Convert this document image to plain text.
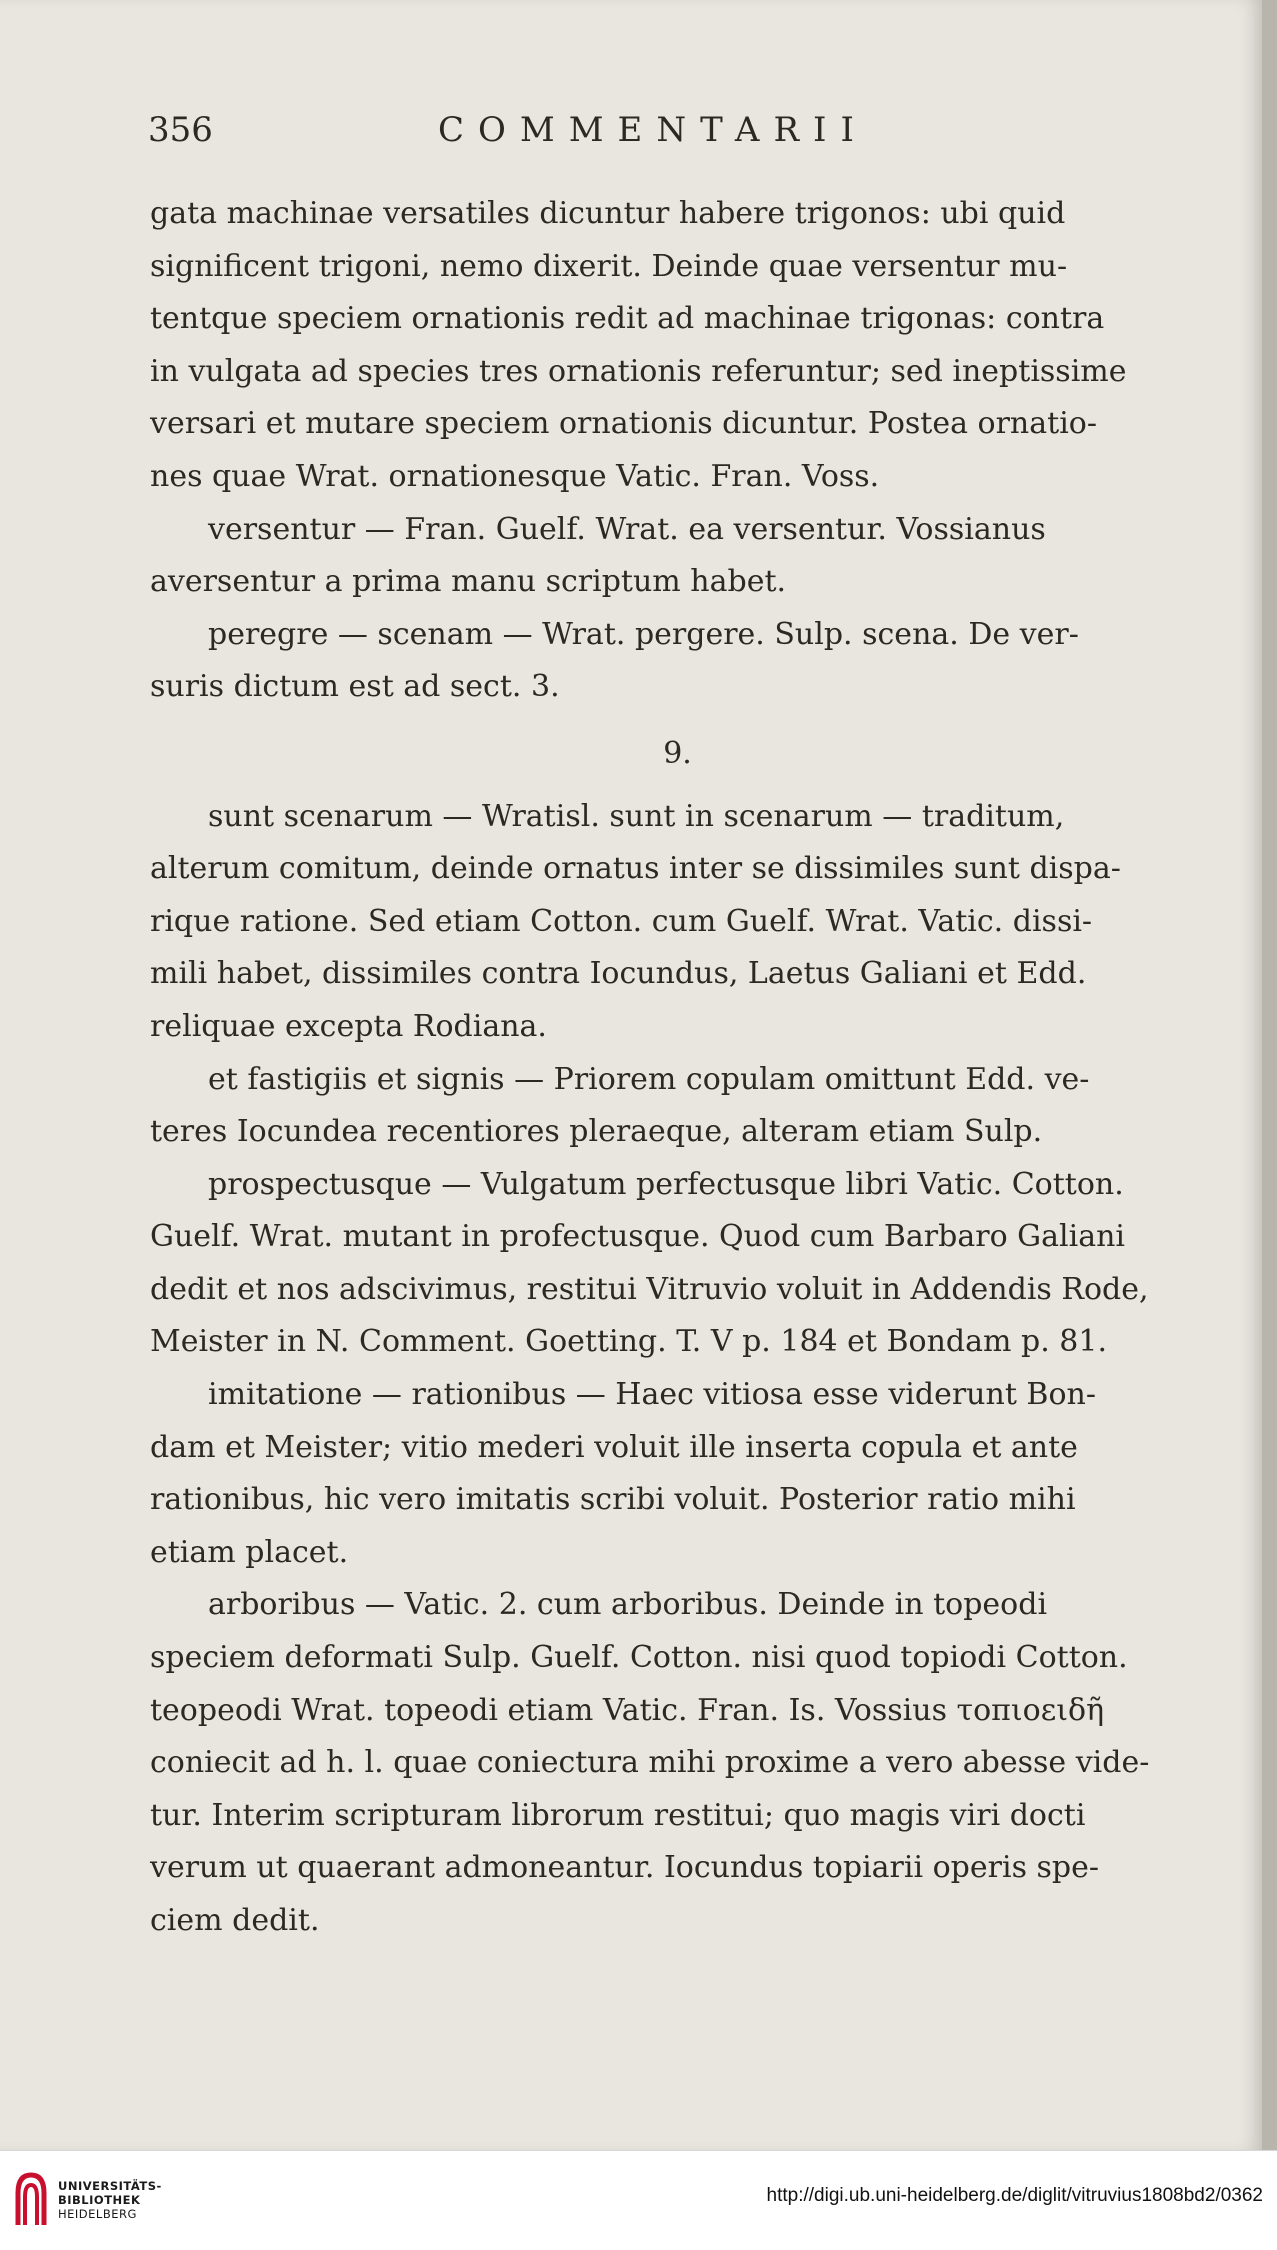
356	COMMENTARII
gata machinae versatiles dicuntur habere trigonos: ubi quid
significent trigoni, nemo dixerit. Deinde quae versentur mu-
tentque speciem ornationis redit ad machinae trigonas: contra
in vulgata ad species tres ornationis referuntur; sed ineptissime
versari et mutare speciem ornationis dicuntur. Postea ornatio-
nes quae Wrat. ornationesque Vatic. Fran. Voss.
versentur — Fran. Guelf. Wrat. ea versentur. Vossianus
aversentur a prima manu scriptum habet.
peregre — scenam — Wrat. pergere. Sulp. scena. De ver-
suris dictum est ad sect. 3.
9.
sunt scenarum — Wratisl. sunt in scenarum — traditum,
alterum comitum, deinde ornatus inter se dissimiles sunt dispa-
rique ratione. Sed etiam Cotton. cum Guelf. Wrat. Vatic. dissi-
mili habet, dissimiles contra Iocundus, Laetus Galiani et Edd.
reliquae excepta Rodiana.
et fastigiis et signis — Priorem copulam omittunt Edd. ve-
teres Iocundea recentiores pleraeque, alteram etiam Sulp.
prospectusque — Vulgatum perfectusque libri Vatic. Cotton.
Guelf. Wrat. mutant in profectusque. Quod cum Barbaro Galiani
dedit et nos adscivimus, restitui Vitruvio voluit in Addendis Rode,
Meister in N. Comment. Goetting. T. V p. 184 et Bondam p. 81.
imitatione — rationibus — Haec vitiosa esse viderunt Bon-
dam et Meister; vitio mederi voluit ille inserta copula et ante
rationibus, hic vero imitatis scribi voluit. Posterior ratio mihi
etiam placet.
arboribus — Vatic. 2. cum arboribus. Deinde in topeodi
speciem deformati Sulp. Guelf. Cotton. nisi quod topiodi Cotton.
teopeodi Wrat. topeodi etiam Vatic. Fran. Is. Vossius τοπιοειδῆ
coniecit ad h. l. quae coniectura mihi proxime a vero abesse vide-
tur. Interim scripturam librorum restitui; quo magis viri docti
verum ut quaerant admoneantur. Iocundus topiarii operis spe-
ciem dedit.
UNIVERSITÄTS-
BIBLIOTHEK
HEIDELBERG
http://digi.ub.uni-heidelberg.de/diglit/vitruvius1808bd2/0362
